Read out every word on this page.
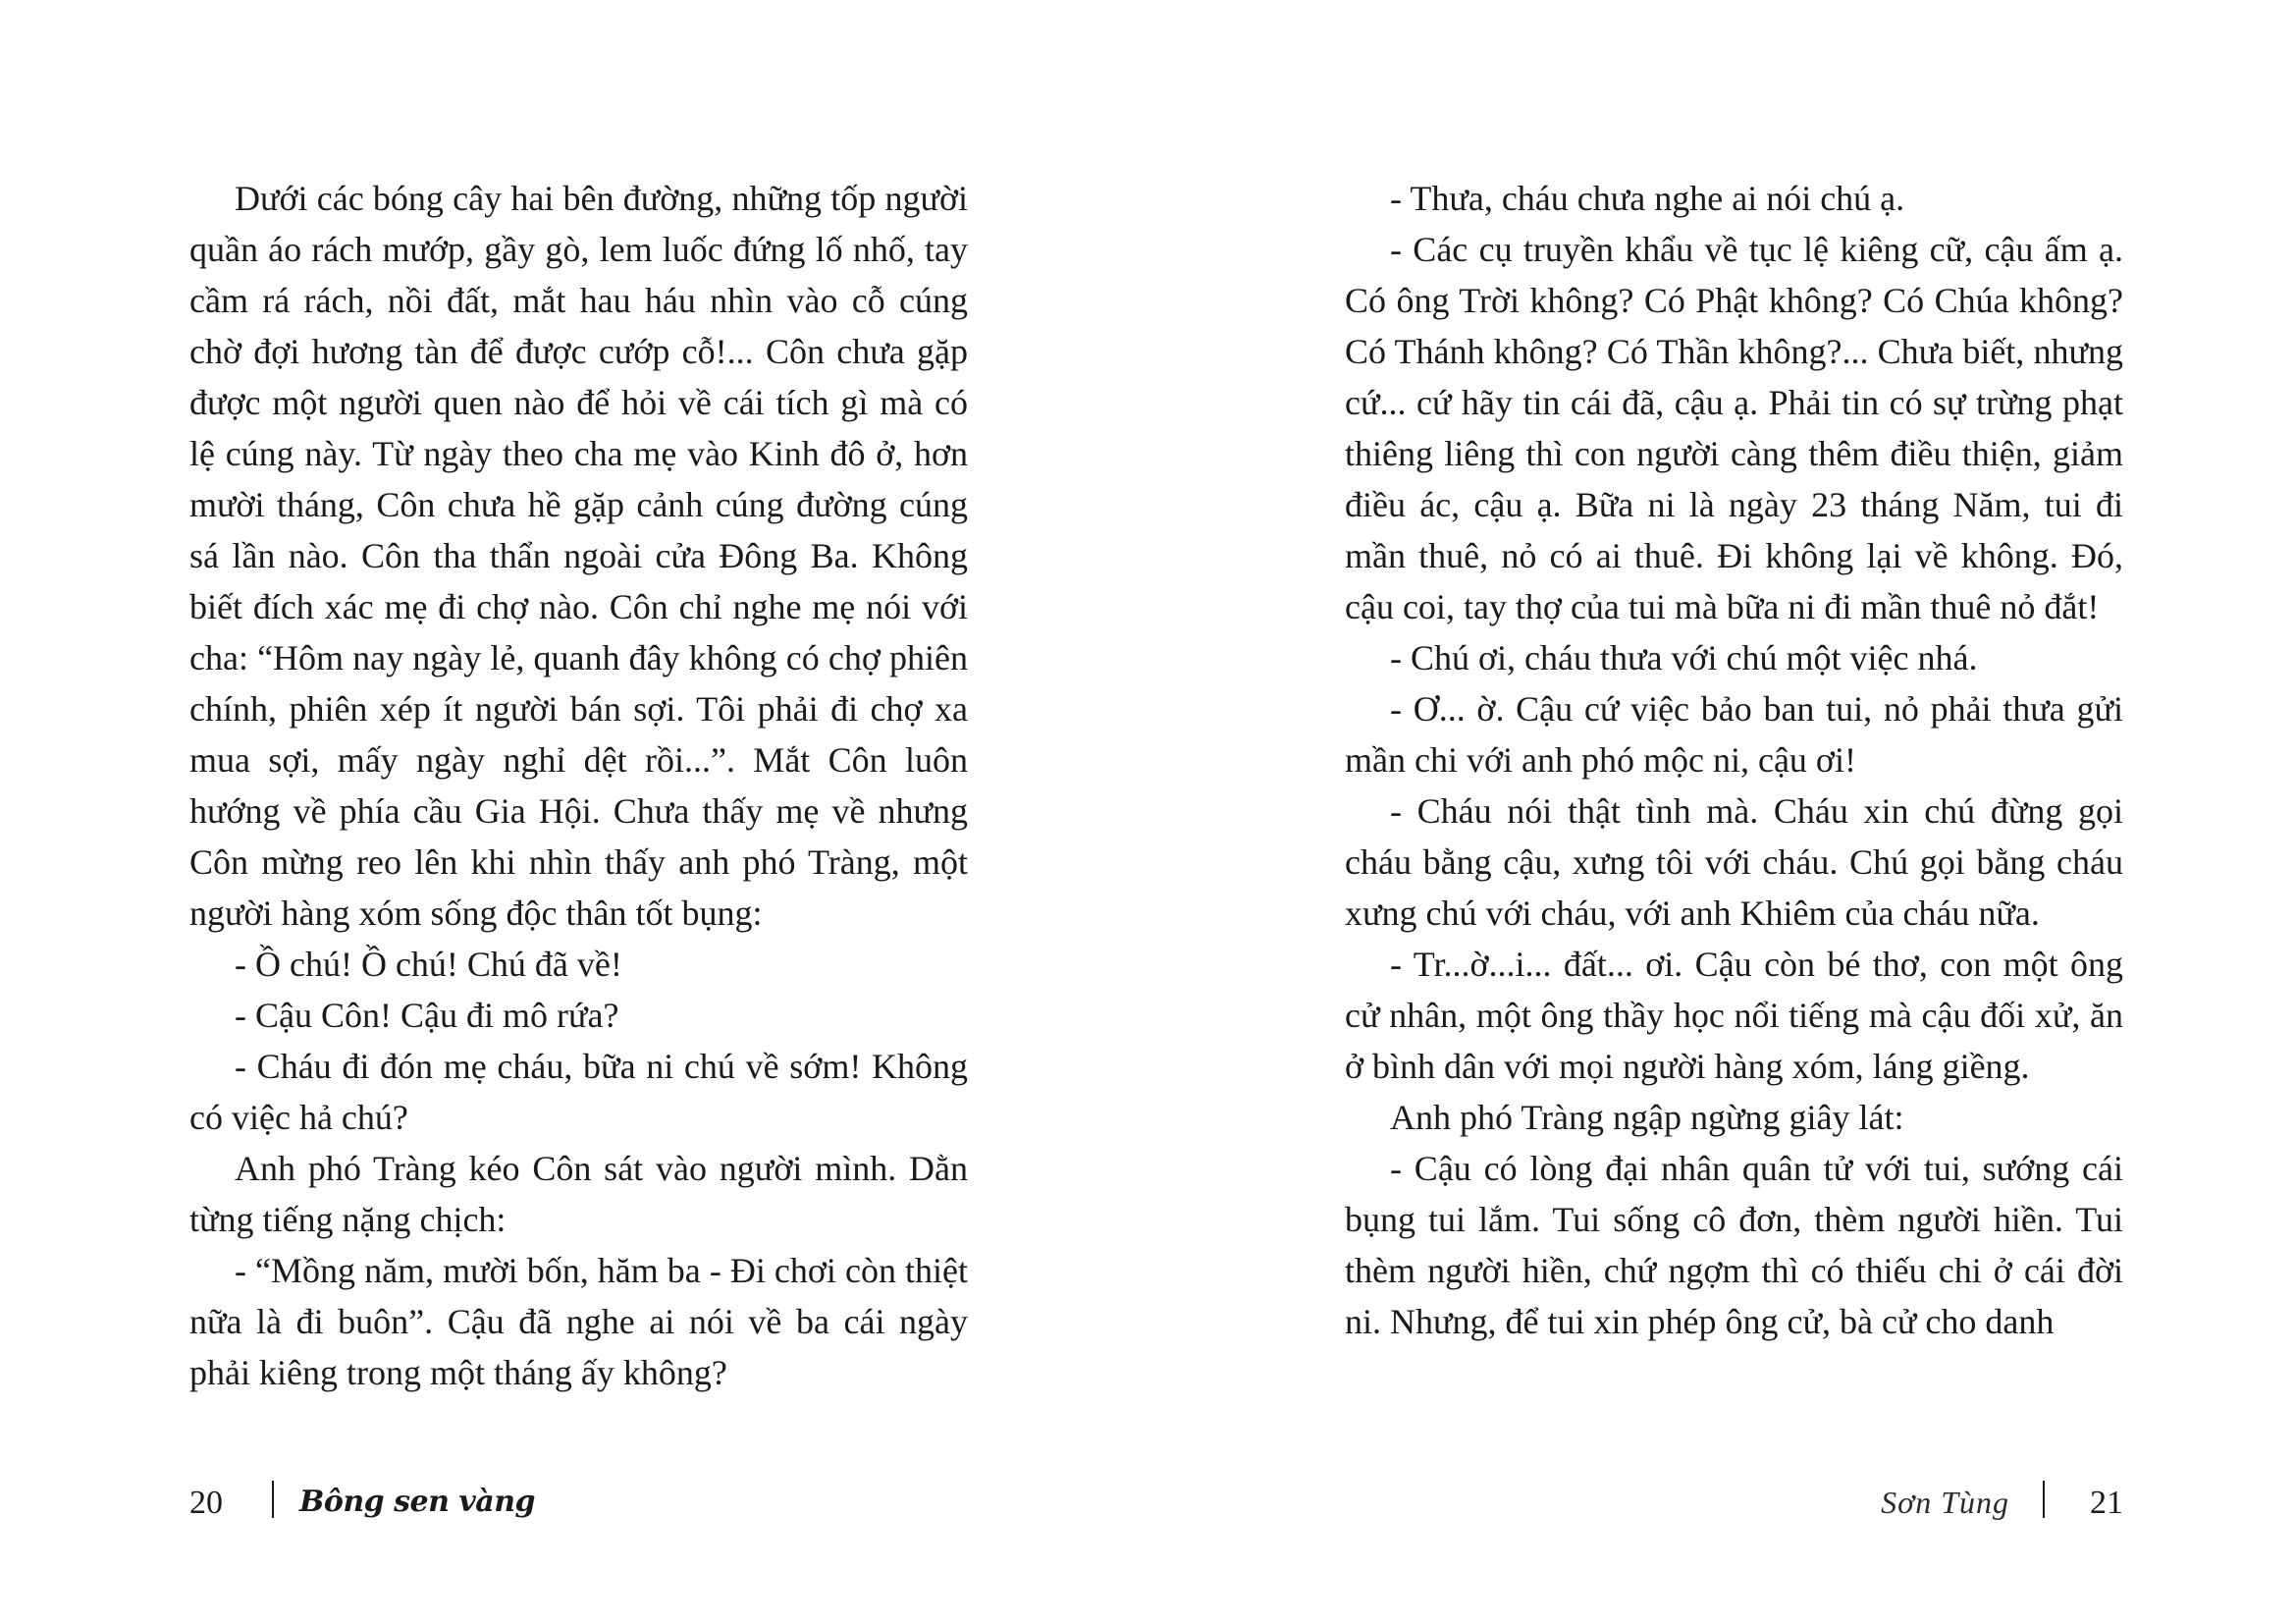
Dưới các bóng cây hai bên đường, những tốp người quần áo rách mướp, gầy gò, lem luốc đứng lố nhố, tay cầm rá rách, nồi đất, mắt hau háu nhìn vào cỗ cúng chờ đợi hương tàn để được cướp cỗ!... Côn chưa gặp được một người quen nào để hỏi về cái tích gì mà có lệ cúng này. Từ ngày theo cha mẹ vào Kinh đô ở, hơn mười tháng, Côn chưa hề gặp cảnh cúng đường cúng sá lần nào. Côn tha thẩn ngoài cửa Đông Ba. Không biết đích xác mẹ đi chợ nào. Côn chỉ nghe mẹ nói với cha: “Hôm nay ngày lẻ, quanh đây không có chợ phiên chính, phiên xép ít người bán sợi. Tôi phải đi chợ xa mua sợi, mấy ngày nghỉ dệt rồi...”. Mắt Côn luôn hướng về phía cầu Gia Hội. Chưa thấy mẹ về nhưng Côn mừng reo lên khi nhìn thấy anh phó Tràng, một người hàng xóm sống độc thân tốt bụng:

- Ồ chú! Ồ chú! Chú đã về!

- Cậu Côn! Cậu đi mô rứa?

- Cháu đi đón mẹ cháu, bữa ni chú về sớm! Không có việc hả chú?

Anh phó Tràng kéo Côn sát vào người mình. Dằn từng tiếng nặng chịch:

- “Mồng năm, mười bốn, hăm ba - Đi chơi còn thiệt nữa là đi buôn”. Cậu đã nghe ai nói về ba cái ngày phải kiêng trong một tháng ấy không?

20	Bông sen vàng

- Thưa, cháu chưa nghe ai nói chú ạ.

- Các cụ truyền khẩu về tục lệ kiêng cữ, cậu ấm ạ. Có ông Trời không? Có Phật không? Có Chúa không? Có Thánh không? Có Thần không?... Chưa biết, nhưng cứ... cứ hãy tin cái đã, cậu ạ. Phải tin có sự trừng phạt thiêng liêng thì con người càng thêm điều thiện, giảm điều ác, cậu ạ. Bữa ni là ngày 23 tháng Năm, tui đi mần thuê, nỏ có ai thuê. Đi không lại về không. Đó, cậu coi, tay thợ của tui mà bữa ni đi mần thuê nỏ đắt!

- Chú ơi, cháu thưa với chú một việc nhá.

- Ơ... ờ. Cậu cứ việc bảo ban tui, nỏ phải thưa gửi mần chi với anh phó mộc ni, cậu ơi!

- Cháu nói thật tình mà. Cháu xin chú đừng gọi cháu bằng cậu, xưng tôi với cháu. Chú gọi bằng cháu xưng chú với cháu, với anh Khiêm của cháu nữa.

- Tr...ờ...i... đất... ơi. Cậu còn bé thơ, con một ông cử nhân, một ông thầy học nổi tiếng mà cậu đối xử, ăn ở bình dân với mọi người hàng xóm, láng giềng.

Anh phó Tràng ngập ngừng giây lát:

- Cậu có lòng đại nhân quân tử với tui, sướng cái bụng tui lắm. Tui sống cô đơn, thèm người hiền. Tui thèm người hiền, chứ ngợm thì có thiếu chi ở cái đời ni. Nhưng, để tui xin phép ông cử, bà cử cho danh

Sơn Tùng 21
